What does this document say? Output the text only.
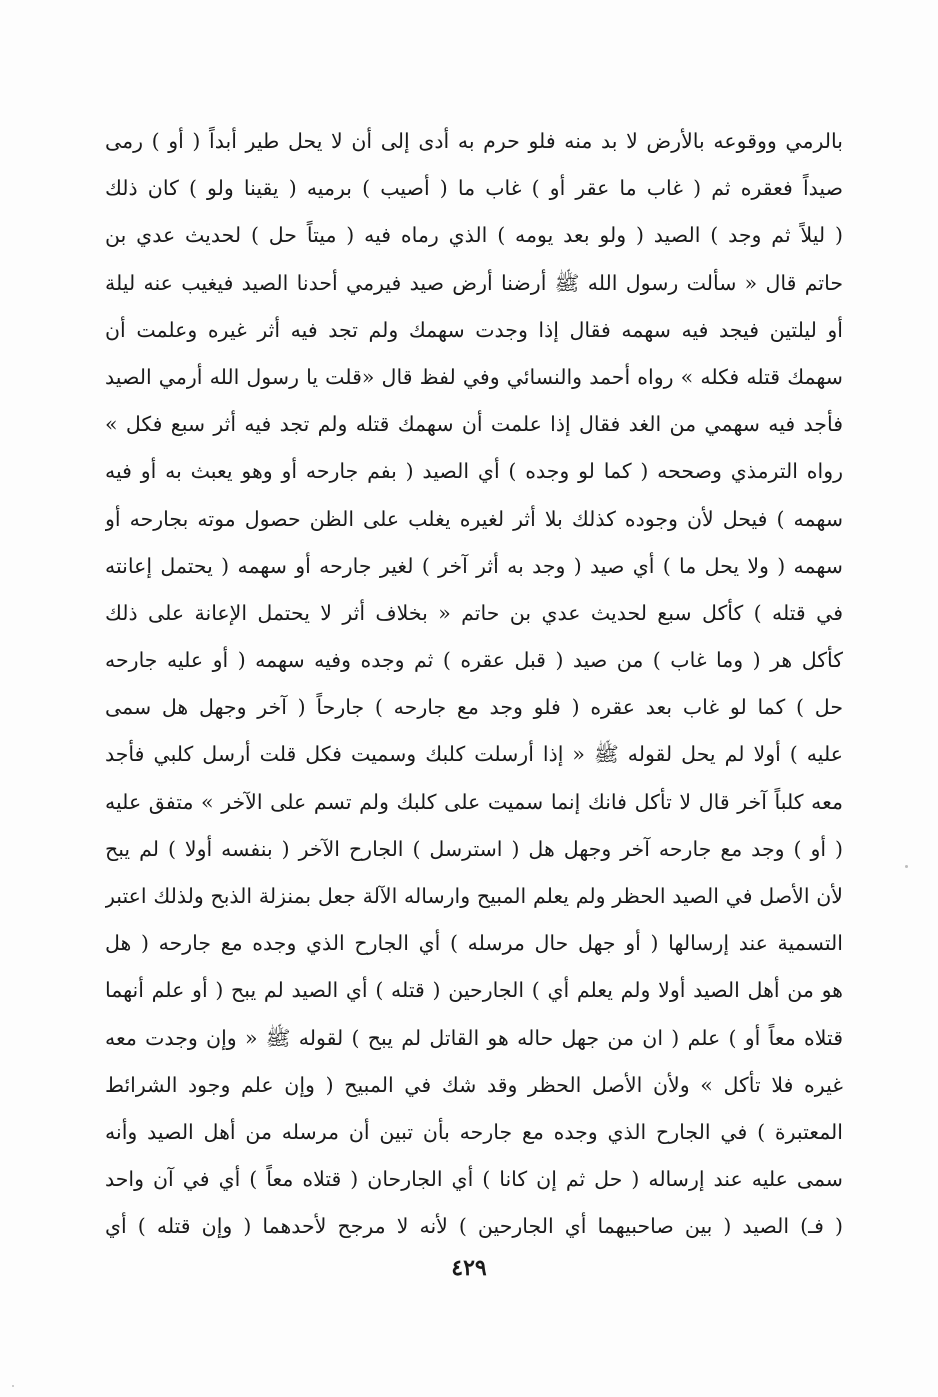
بالرمي ووقوعه بالأرض لا بد منه فلو حرم به أدى إلى أن لا يحل طير أبداً ( أو ) رمى
صيداً فعقره ثم ( غاب ما عقر أو ) غاب ما ( أصيب ) برميه ( يقينا ولو ) كان ذلك
( ليلاً ثم وجد ) الصيد ( ولو بعد يومه ) الذي رماه فيه ( ميتاً حل ) لحديث عدي بن
حاتم قال « سألت رسول الله ﷺ أرضنا أرض صيد فيرمي أحدنا الصيد فيغيب عنه ليلة
أو ليلتين فيجد فيه سهمه فقال إذا وجدت سهمك ولم تجد فيه أثر غيره وعلمت أن
سهمك قتله فكله » رواه أحمد والنسائي وفي لفظ قال «قلت يا رسول الله أرمي الصيد
فأجد فيه سهمي من الغد فقال إذا علمت أن سهمك قتله ولم تجد فيه أثر سبع فكل »
رواه الترمذي وصححه ( كما لو وجده ) أي الصيد ( بفم جارحه أو وهو يعبث به أو فيه
سهمه ) فيحل لأن وجوده كذلك بلا أثر لغيره يغلب على الظن حصول موته بجارحه أو
سهمه ( ولا يحل ما ) أي صيد ( وجد به أثر آخر ) لغير جارحه أو سهمه ( يحتمل إعانته
في قتله ) كأكل سبع لحديث عدي بن حاتم « بخلاف أثر لا يحتمل الإعانة على ذلك
كأكل هر ( وما غاب ) من صيد ( قبل عقره ) ثم وجده وفيه سهمه ( أو عليه جارحه
حل ) كما لو غاب بعد عقره ( فلو وجد مع جارحه ) جارحاً ( آخر وجهل هل سمى
عليه ) أولا لم يحل لقوله ﷺ « إذا أرسلت كلبك وسميت فكل قلت أرسل كلبي فأجد
معه كلباً آخر قال لا تأكل فانك إنما سميت على كلبك ولم تسم على الآخر » متفق عليه
( أو ) وجد مع جارحه آخر وجهل هل ( استرسل ) الجارح الآخر ( بنفسه أولا ) لم يبح
لأن الأصل في الصيد الحظر ولم يعلم المبيح وارساله الآلة جعل بمنزلة الذبح ولذلك اعتبر
التسمية عند إرسالها ( أو جهل حال مرسله ) أي الجارح الذي وجده مع جارحه ( هل
هو من أهل الصيد أولا ولم يعلم أي ) الجارحين ( قتله ) أي الصيد لم يبح ( أو علم أنهما
قتلاه معاً أو ) علم ( ان من جهل حاله هو القاتل لم يبح ) لقوله ﷺ « وإن وجدت معه
غيره فلا تأكل » ولأن الأصل الحظر وقد شك في المبيح ( وإن علم وجود الشرائط
المعتبرة ) في الجارح الذي وجده مع جارحه بأن تبين أن مرسله من أهل الصيد وأنه
سمى عليه عند إرساله ( حل ثم إن كانا ) أي الجارحان ( قتلاه معاً ) أي في آن واحد
( فـ) الصيد ( بين صاحبيهما أي الجارحين ) لأنه لا مرجح لأحدهما ( وإن قتله ) أي
٤٢٩
